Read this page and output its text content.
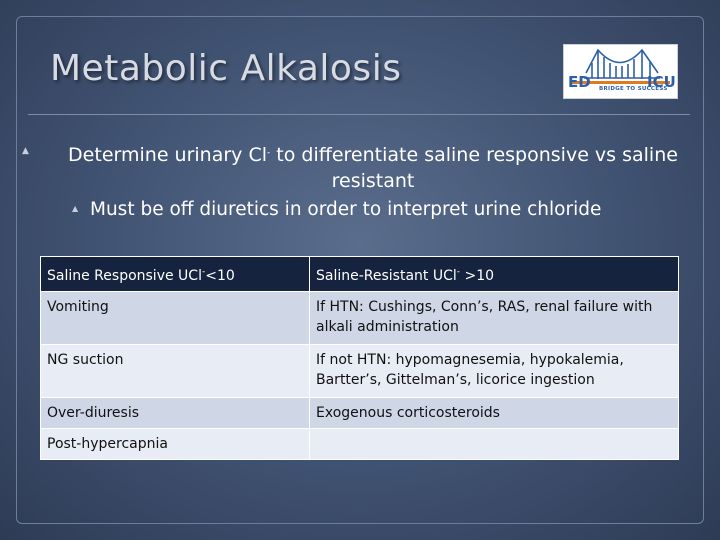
Metabolic Alkalosis	ED	ICU
BRIDGE TO SUCCESS
▲	Determine urinary Cl- to differentiate saline responsive vs saline resistant
▲ Must be off diuretics in order to interpret urine chloride
Saline Responsive UCl-<10	Saline-Resistant UCl- >10
Vomiting	If HTN: Cushings, Conn’s, RAS, renal failure with alkali administration
NG suction	If not HTN: hypomagnesemia, hypokalemia, Bartter’s, Gittelman’s, licorice ingestion
Over-diuresis	Exogenous corticosteroids
Post-hypercapnia	
